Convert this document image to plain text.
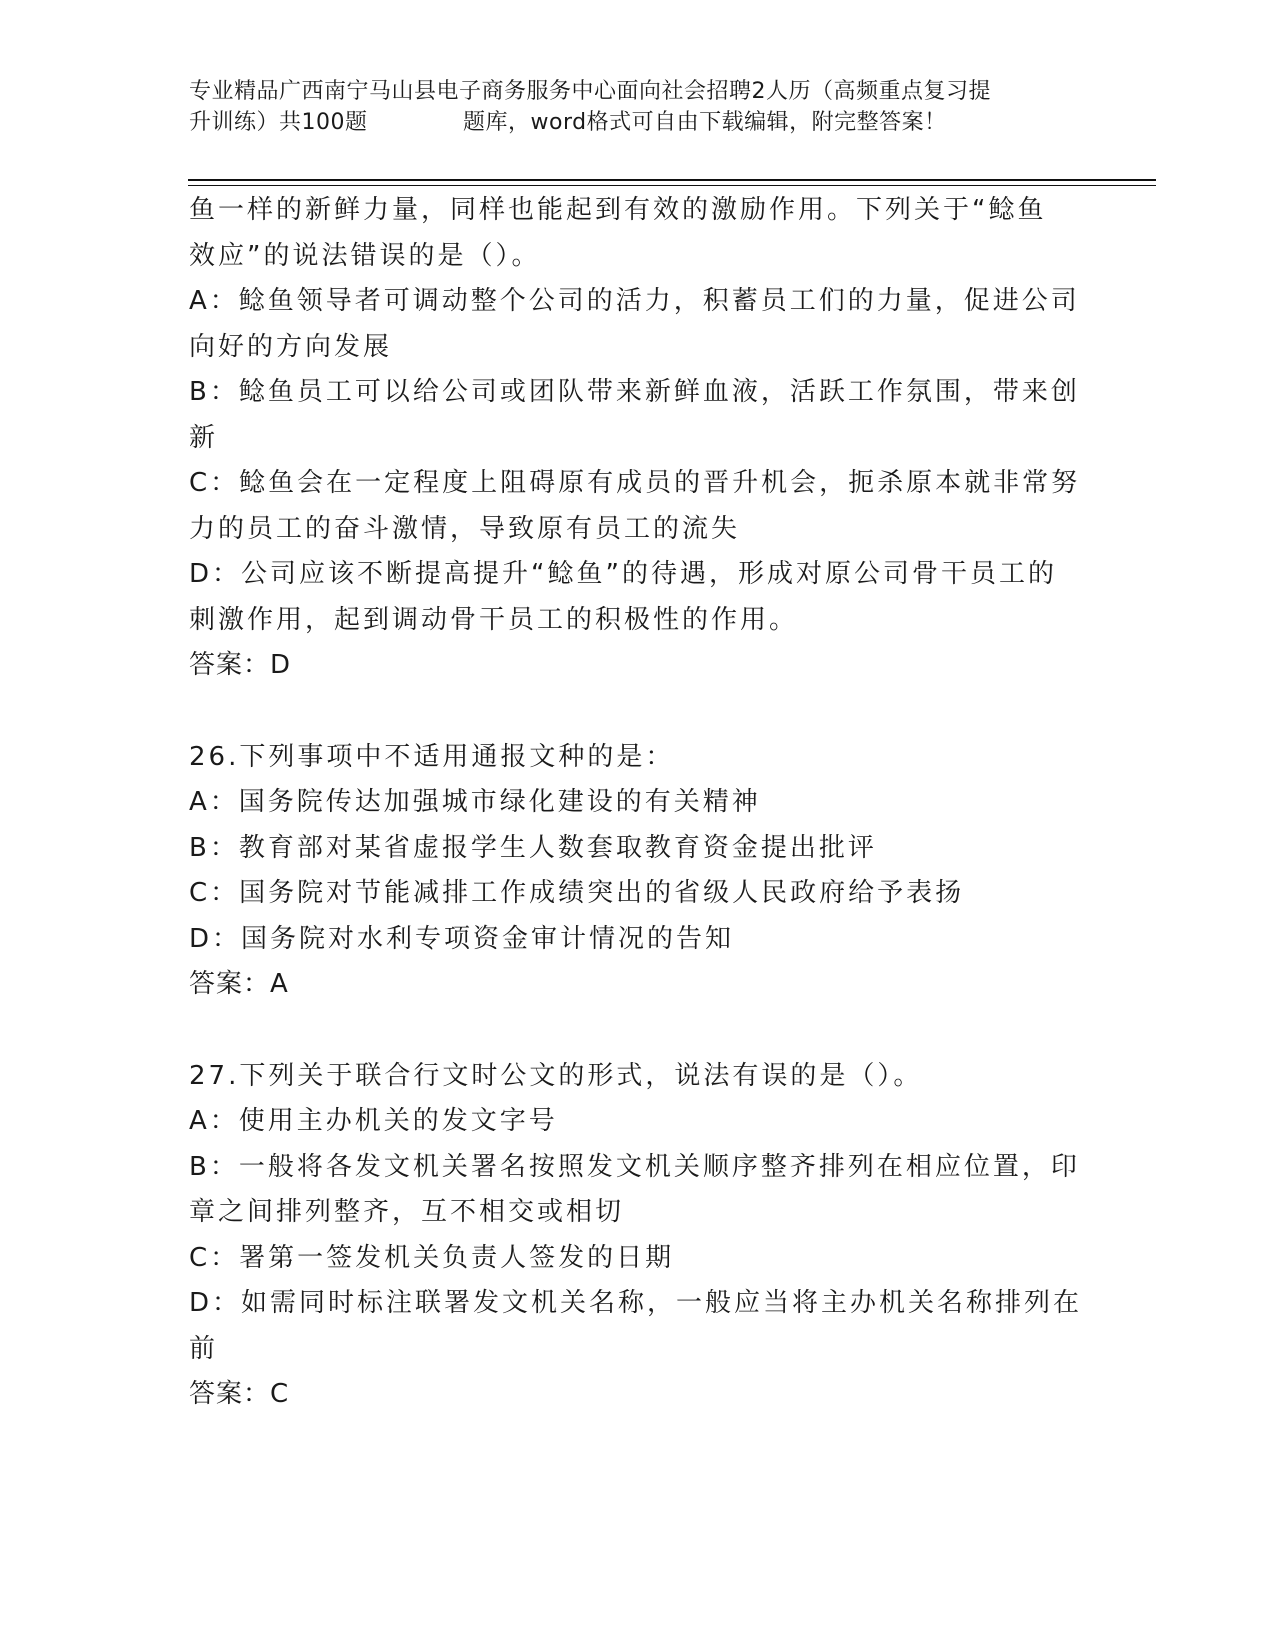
专业精品广西南宁马山县电子商务服务中心面向社会招聘2人历（高频重点复习提
升训练）共100题	题库，word格式可自由下载编辑，附完整答案！

鱼一样的新鲜力量，同样也能起到有效的激励作用。下列关于“鲶鱼

效应”的说法错误的是（）。

A：鲶鱼领导者可调动整个公司的活力，积蓄员工们的力量，促进公司

向好的方向发展

B：鲶鱼员工可以给公司或团队带来新鲜血液，活跃工作氛围，带来创

新

C：鲶鱼会在一定程度上阻碍原有成员的晋升机会，扼杀原本就非常努

力的员工的奋斗激情，导致原有员工的流失

D：公司应该不断提高提升“鲶鱼”的待遇，形成对原公司骨干员工的

刺激作用，起到调动骨干员工的积极性的作用。

答案：D

26.下列事项中不适用通报文种的是：

A：国务院传达加强城市绿化建设的有关精神

B：教育部对某省虚报学生人数套取教育资金提出批评

C：国务院对节能减排工作成绩突出的省级人民政府给予表扬

D：国务院对水利专项资金审计情况的告知

答案：A

27.下列关于联合行文时公文的形式，说法有误的是（）。

A：使用主办机关的发文字号

B：一般将各发文机关署名按照发文机关顺序整齐排列在相应位置，印

章之间排列整齐，互不相交或相切

C：署第一签发机关负责人签发的日期

D：如需同时标注联署发文机关名称，一般应当将主办机关名称排列在

前

答案：C
